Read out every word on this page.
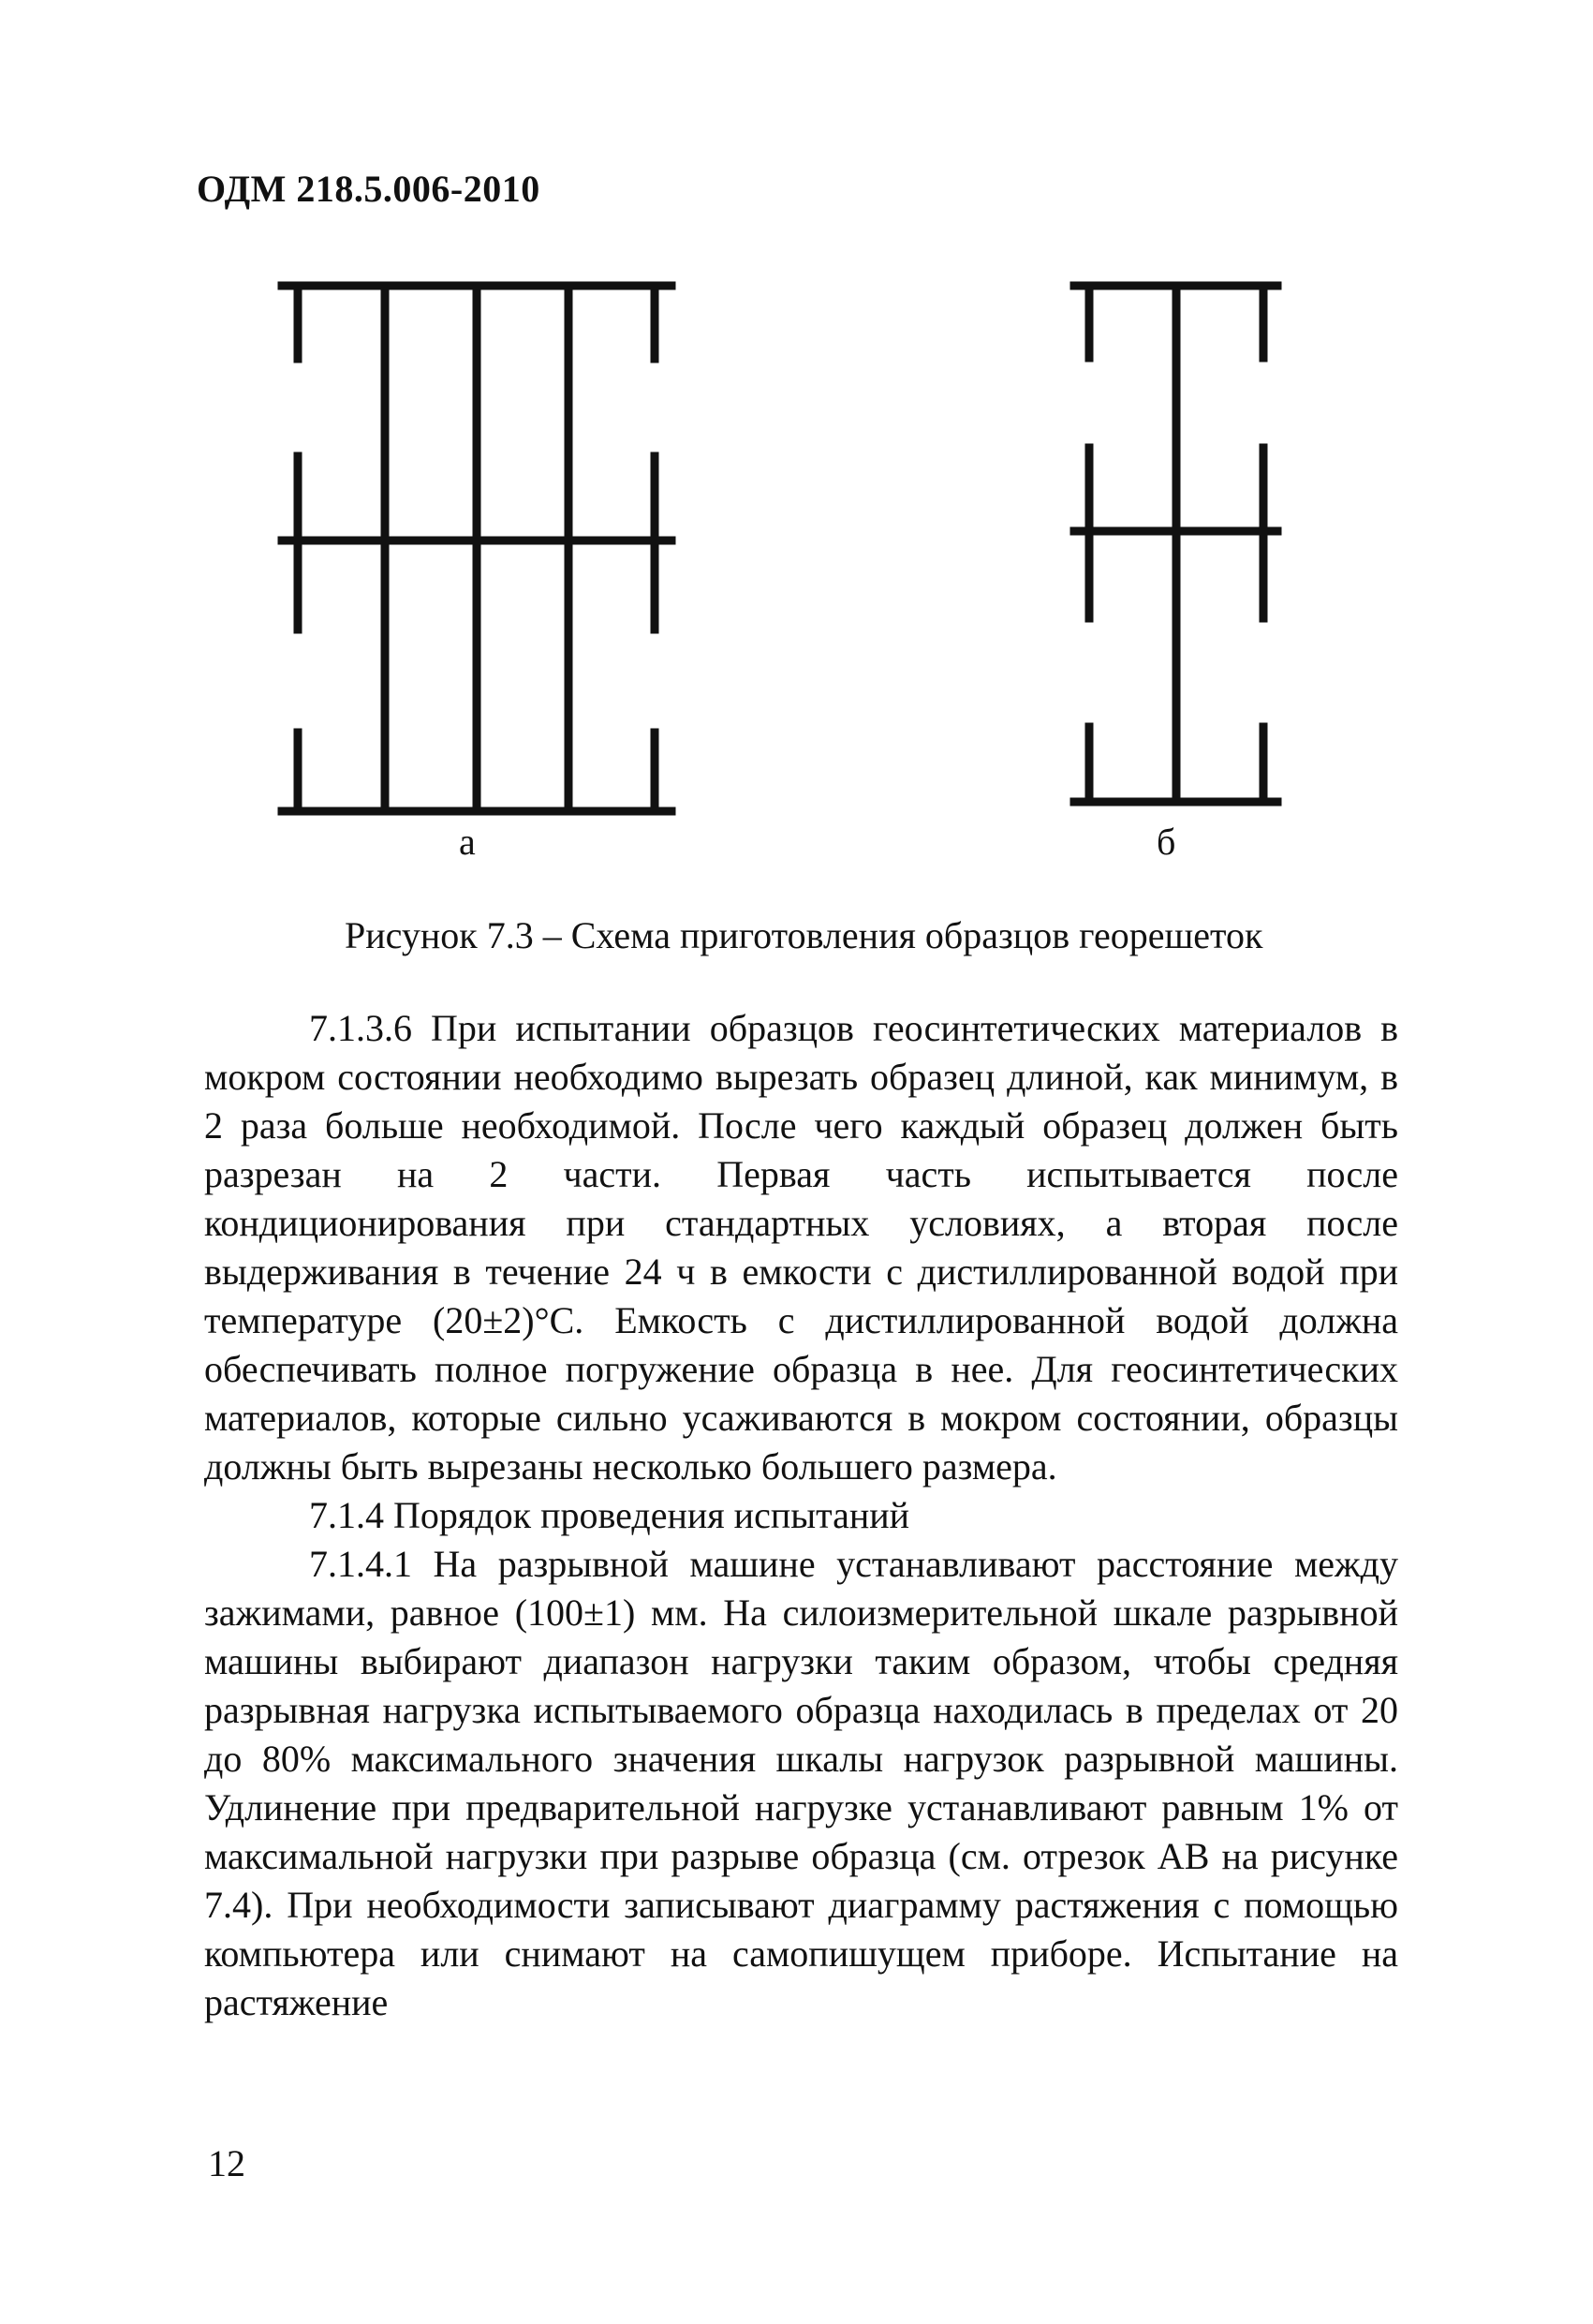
ОДМ 218.5.006-2010
а	б
Рисунок 7.3 – Схема приготовления образцов георешеток

7.1.3.6 При испытании образцов геосинтетических материалов в мокром состоянии необходимо вырезать образец длиной, как минимум, в 2 раза больше необходимой. После чего каждый образец должен быть разрезан на 2 части. Первая часть испытывается после кондиционирования при стандартных условиях, а вторая после выдерживания в течение 24 ч в емкости с дистиллированной водой при температуре (20±2)°С. Емкость с дистиллированной водой должна обеспечивать полное погружение образца в нее. Для геосинтетических материалов, которые сильно усаживаются в мокром состоянии, образцы должны быть вырезаны несколько большего размера.

7.1.4 Порядок проведения испытаний

7.1.4.1 На разрывной машине устанавливают расстояние между зажимами, равное (100±1) мм. На силоизмерительной шкале разрывной машины выбирают диапазон нагрузки таким образом, чтобы средняя разрывная нагрузка испытываемого образца находилась в пределах от 20 до 80% максимального значения шкалы нагрузок разрывной машины. Удлинение при предварительной нагрузке устанавливают равным 1% от максимальной нагрузки при разрыве образца (см. отрезок АВ на рисунке 7.4). При необходимости записывают диаграмму растяжения с помощью компьютера или снимают на самопишущем приборе. Испытание на растяжение

12
